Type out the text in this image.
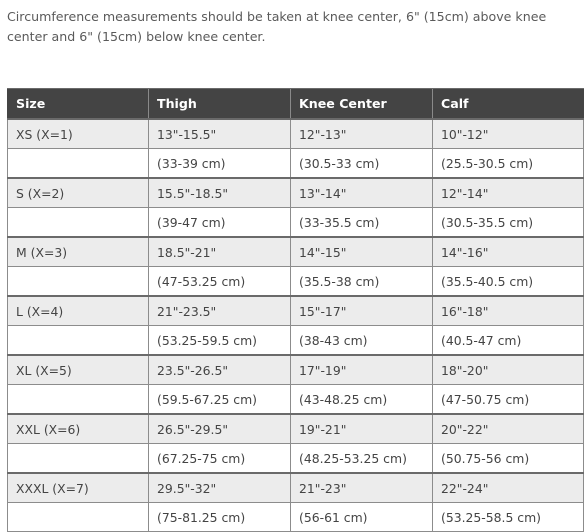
Circumference measurements should be taken at knee center, 6" (15cm) above knee center and 6" (15cm) below knee center.
Size	Thigh	Knee Center	Calf
XS (X=1)	13"-15.5"	12"-13"	10"-12"
	(33-39 cm)	(30.5-33 cm)	(25.5-30.5 cm)
S (X=2)	15.5"-18.5"	13"-14"	12"-14"
	(39-47 cm)	(33-35.5 cm)	(30.5-35.5 cm)
M (X=3)	18.5"-21"	14"-15"	14"-16"
	(47-53.25 cm)	(35.5-38 cm)	(35.5-40.5 cm)
L (X=4)	21"-23.5"	15"-17"	16"-18"
	(53.25-59.5 cm)	(38-43 cm)	(40.5-47 cm)
XL (X=5)	23.5"-26.5"	17"-19"	18"-20"
	(59.5-67.25 cm)	(43-48.25 cm)	(47-50.75 cm)
XXL (X=6)	26.5"-29.5"	19"-21"	20"-22"
	(67.25-75 cm)	(48.25-53.25 cm)	(50.75-56 cm)
XXXL (X=7)	29.5"-32"	21"-23"	22"-24"
	(75-81.25 cm)	(56-61 cm)	(53.25-58.5 cm)
